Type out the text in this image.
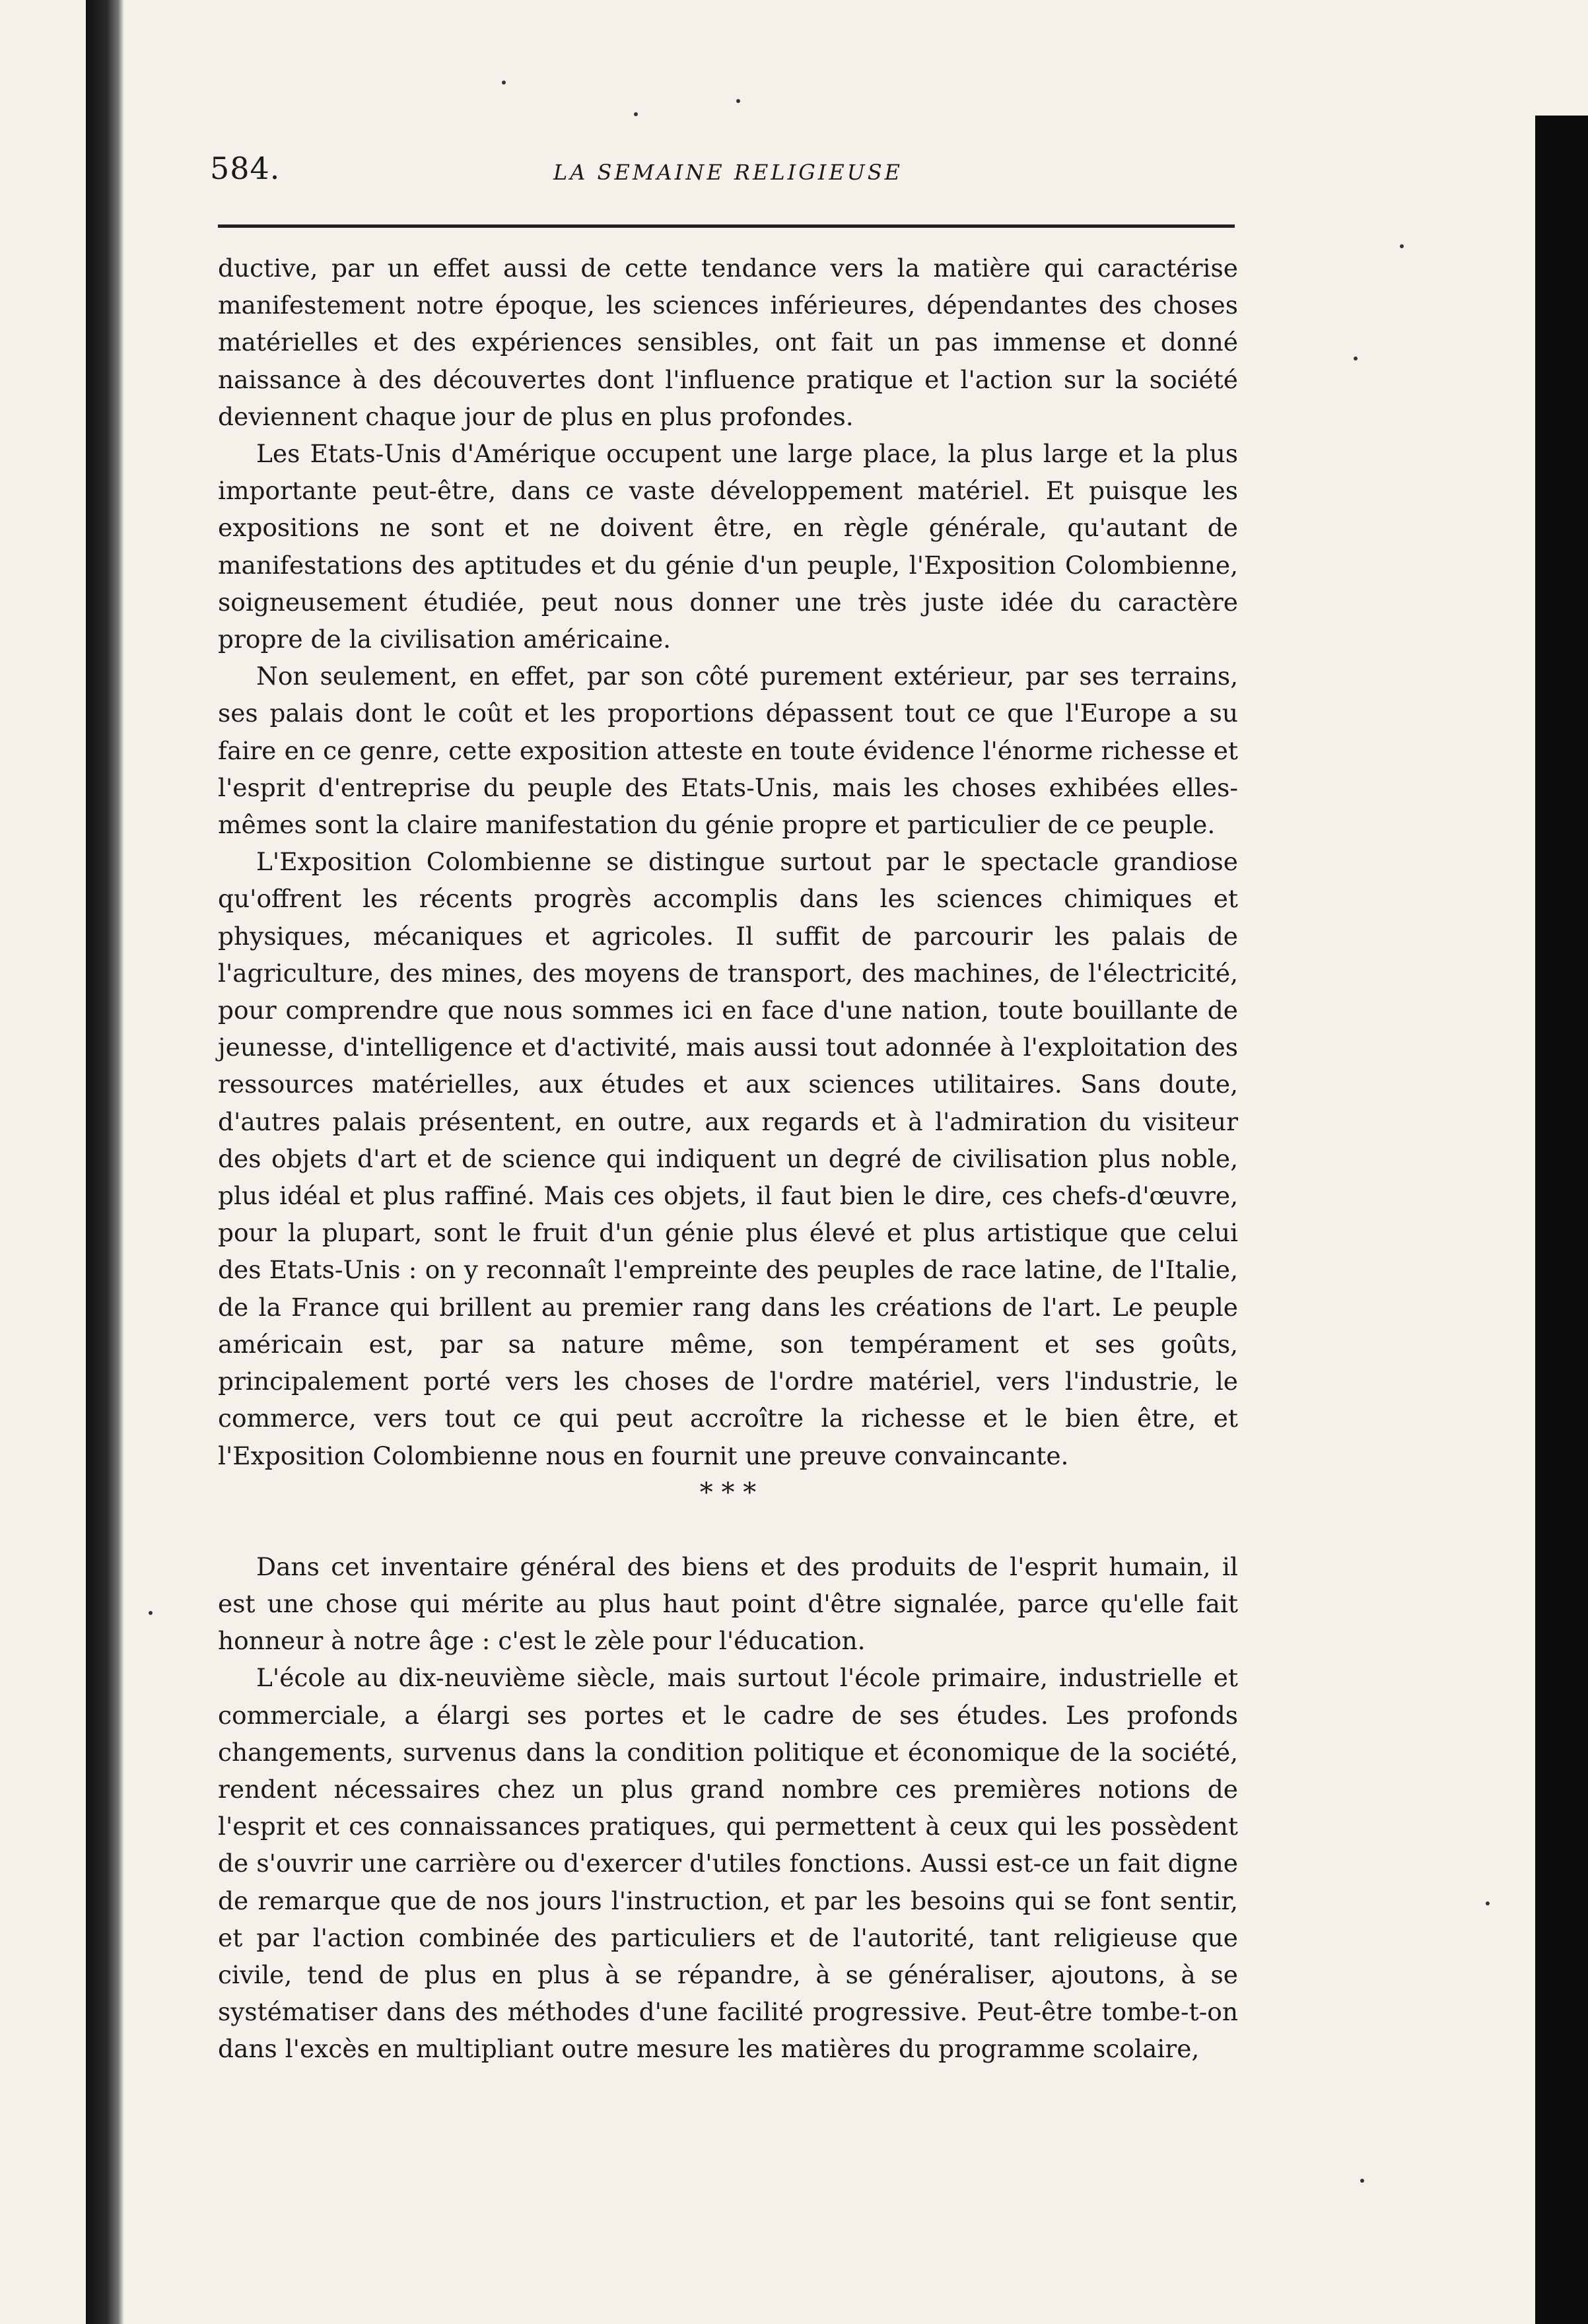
584.	LA SEMAINE RELIGIEUSE

ductive, par un effet aussi de cette tendance vers la matière qui caractérise manifestement notre époque, les sciences inférieures, dépendantes des choses matérielles et des expériences sensibles, ont fait un pas immense et donné naissance à des découvertes dont l'influence pratique et l'action sur la société deviennent chaque jour de plus en plus profondes.

Les Etats-Unis d'Amérique occupent une large place, la plus large et la plus importante peut-être, dans ce vaste développement matériel. Et puisque les expositions ne sont et ne doivent être, en règle générale, qu'autant de manifestations des aptitudes et du génie d'un peuple, l'Exposition Colombienne, soigneusement étudiée, peut nous donner une très juste idée du caractère propre de la civilisation américaine.

Non seulement, en effet, par son côté purement extérieur, par ses terrains, ses palais dont le coût et les proportions dépassent tout ce que l'Europe a su faire en ce genre, cette exposition atteste en toute évidence l'énorme richesse et l'esprit d'entreprise du peuple des Etats-Unis, mais les choses exhibées elles-mêmes sont la claire manifestation du génie propre et particulier de ce peuple.

L'Exposition Colombienne se distingue surtout par le spectacle grandiose qu'offrent les récents progrès accomplis dans les sciences chimiques et physiques, mécaniques et agricoles. Il suffit de parcourir les palais de l'agriculture, des mines, des moyens de transport, des machines, de l'électricité, pour comprendre que nous sommes ici en face d'une nation, toute bouillante de jeunesse, d'intelligence et d'activité, mais aussi tout adonnée à l'exploitation des ressources matérielles, aux études et aux sciences utilitaires. Sans doute, d'autres palais présentent, en outre, aux regards et à l'admiration du visiteur des objets d'art et de science qui indiquent un degré de civilisation plus noble, plus idéal et plus raffiné. Mais ces objets, il faut bien le dire, ces chefs-d'œuvre, pour la plupart, sont le fruit d'un génie plus élevé et plus artistique que celui des Etats-Unis : on y reconnaît l'empreinte des peuples de race latine, de l'Italie, de la France qui brillent au premier rang dans les créations de l'art. Le peuple américain est, par sa nature même, son tempérament et ses goûts, principalement porté vers les choses de l'ordre matériel, vers l'industrie, le commerce, vers tout ce qui peut accroître la richesse et le bien être, et l'Exposition Colombienne nous en fournit une preuve convaincante.

* * *

Dans cet inventaire général des biens et des produits de l'esprit humain, il est une chose qui mérite au plus haut point d'être signalée, parce qu'elle fait honneur à notre âge : c'est le zèle pour l'éducation.

L'école au dix-neuvième siècle, mais surtout l'école primaire, industrielle et commerciale, a élargi ses portes et le cadre de ses études. Les profonds changements, survenus dans la condition politique et économique de la société, rendent nécessaires chez un plus grand nombre ces premières notions de l'esprit et ces connaissances pratiques, qui permettent à ceux qui les possèdent de s'ouvrir une carrière ou d'exercer d'utiles fonctions. Aussi est-ce un fait digne de remarque que de nos jours l'instruction, et par les besoins qui se font sentir, et par l'action combinée des particuliers et de l'autorité, tant religieuse que civile, tend de plus en plus à se répandre, à se généraliser, ajoutons, à se systématiser dans des méthodes d'une facilité progressive. Peut-être tombe-t-on dans l'excès en multipliant outre mesure les matières du programme scolaire,
